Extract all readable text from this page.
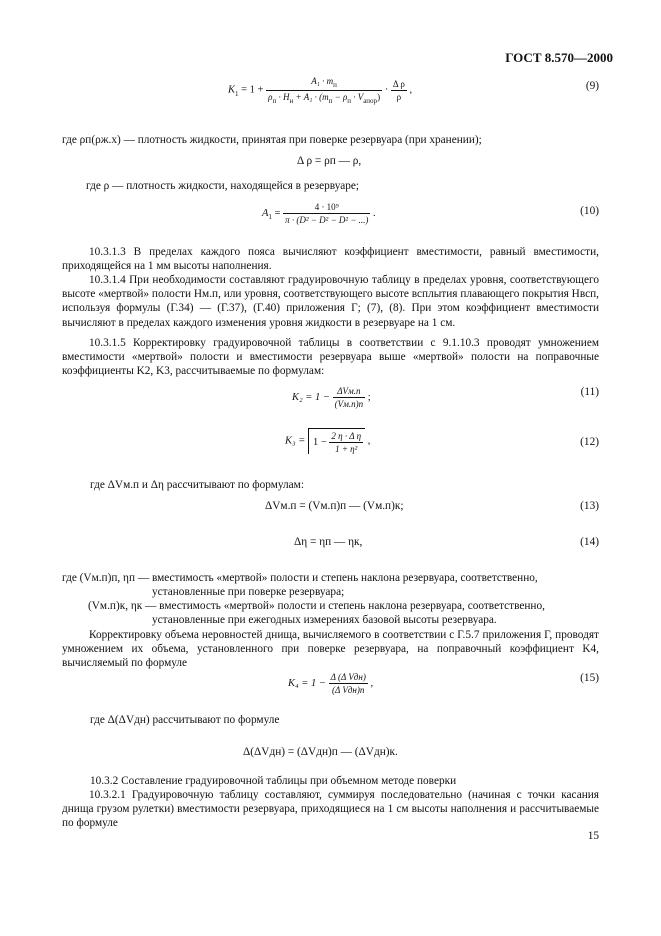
ГОСТ 8.570—2000
$K_1 = 1 + \frac{A_1 \cdot m_п}{\rho_п \cdot H_н + A_1 \cdot (m_п - \rho_п \cdot V_{апор})} \cdot \frac{\text{Δ ρ}}{\rho}$ ,	(9)
где ρп(ρж.х) — плотность жидкости, принятая при поверке резервуара (при хранении);
Δ ρ = ρп — ρ,
где ρ — плотность жидкости, находящейся в резервуаре;
$A_1 = \frac{\text{4 · 10⁹}}{\text{π · (D² − D² − D² − ...)}}$ .	(10)
10.3.1.3 В пределах каждого пояса вычисляют коэффициент вместимости, равный вместимости, приходящейся на 1 мм высоты наполнения.
10.3.1.4 При необходимости составляют градуировочную таблицу в пределах уровня, соответствующего высоте «мертвой» полости Hм.п, или уровня, соответствующего высоте всплытия плавающего покрытия Hвсп, используя формулы (Г.34) — (Г.37), (Г.40) приложения Г; (7), (8). При этом коэффициент вместимости вычисляют в пределах каждого изменения уровня жидкости в резервуаре на 1 см.
10.3.1.5 Корректировку градуировочной таблицы в соответствии с 9.1.10.3 проводят умножением вместимости «мертвой» полости и вместимости резервуара выше «мертвой» полости на поправочные коэффициенты K2, K3, рассчитываемые по формулам:
$K_2 = 1 - \frac{\text{ΔVм.п}}{(Vм.п)п}$ ;	(11)
$K_3 = 1 - \frac{\text{2 η · Δ η}}{\text{1 + η²}}$ ,	(12)
где ΔVм.п и Δη рассчитывают по формулам:
ΔVм.п = (Vм.п)п — (Vм.п)к;	(13)
Δη = ηп — ηк,	(14)
где (Vм.п)п, ηп — вместимость «мертвой» полости и степень наклона резервуара, соответственно,
установленные при поверке резервуара;
(Vм.п)к, ηк — вместимость «мертвой» полости и степень наклона резервуара, соответственно,
установленные при ежегодных измерениях базовой высоты резервуара.
Корректировку объема неровностей днища, вычисляемого в соответствии с Г.5.7 приложения Г, проводят умножением их объема, установленного при поверке резервуара, на поправочный коэффициент K4, вычисляемый по формуле
$K_4 = 1 - \frac{\text{Δ (Δ Vдн)}}{\text{(Δ Vдн)п}}$ ,	(15)
где Δ(ΔVдн) рассчитывают по формуле
Δ(ΔVдн) = (ΔVдн)п — (ΔVдн)к.
10.3.2 Составление градуировочной таблицы при объемном методе поверки
10.3.2.1 Градуировочную таблицу составляют, суммируя последовательно (начиная с точки касания днища грузом рулетки) вместимости резервуара, приходящиеся на 1 см высоты наполнения и рассчитываемые по формуле
15
